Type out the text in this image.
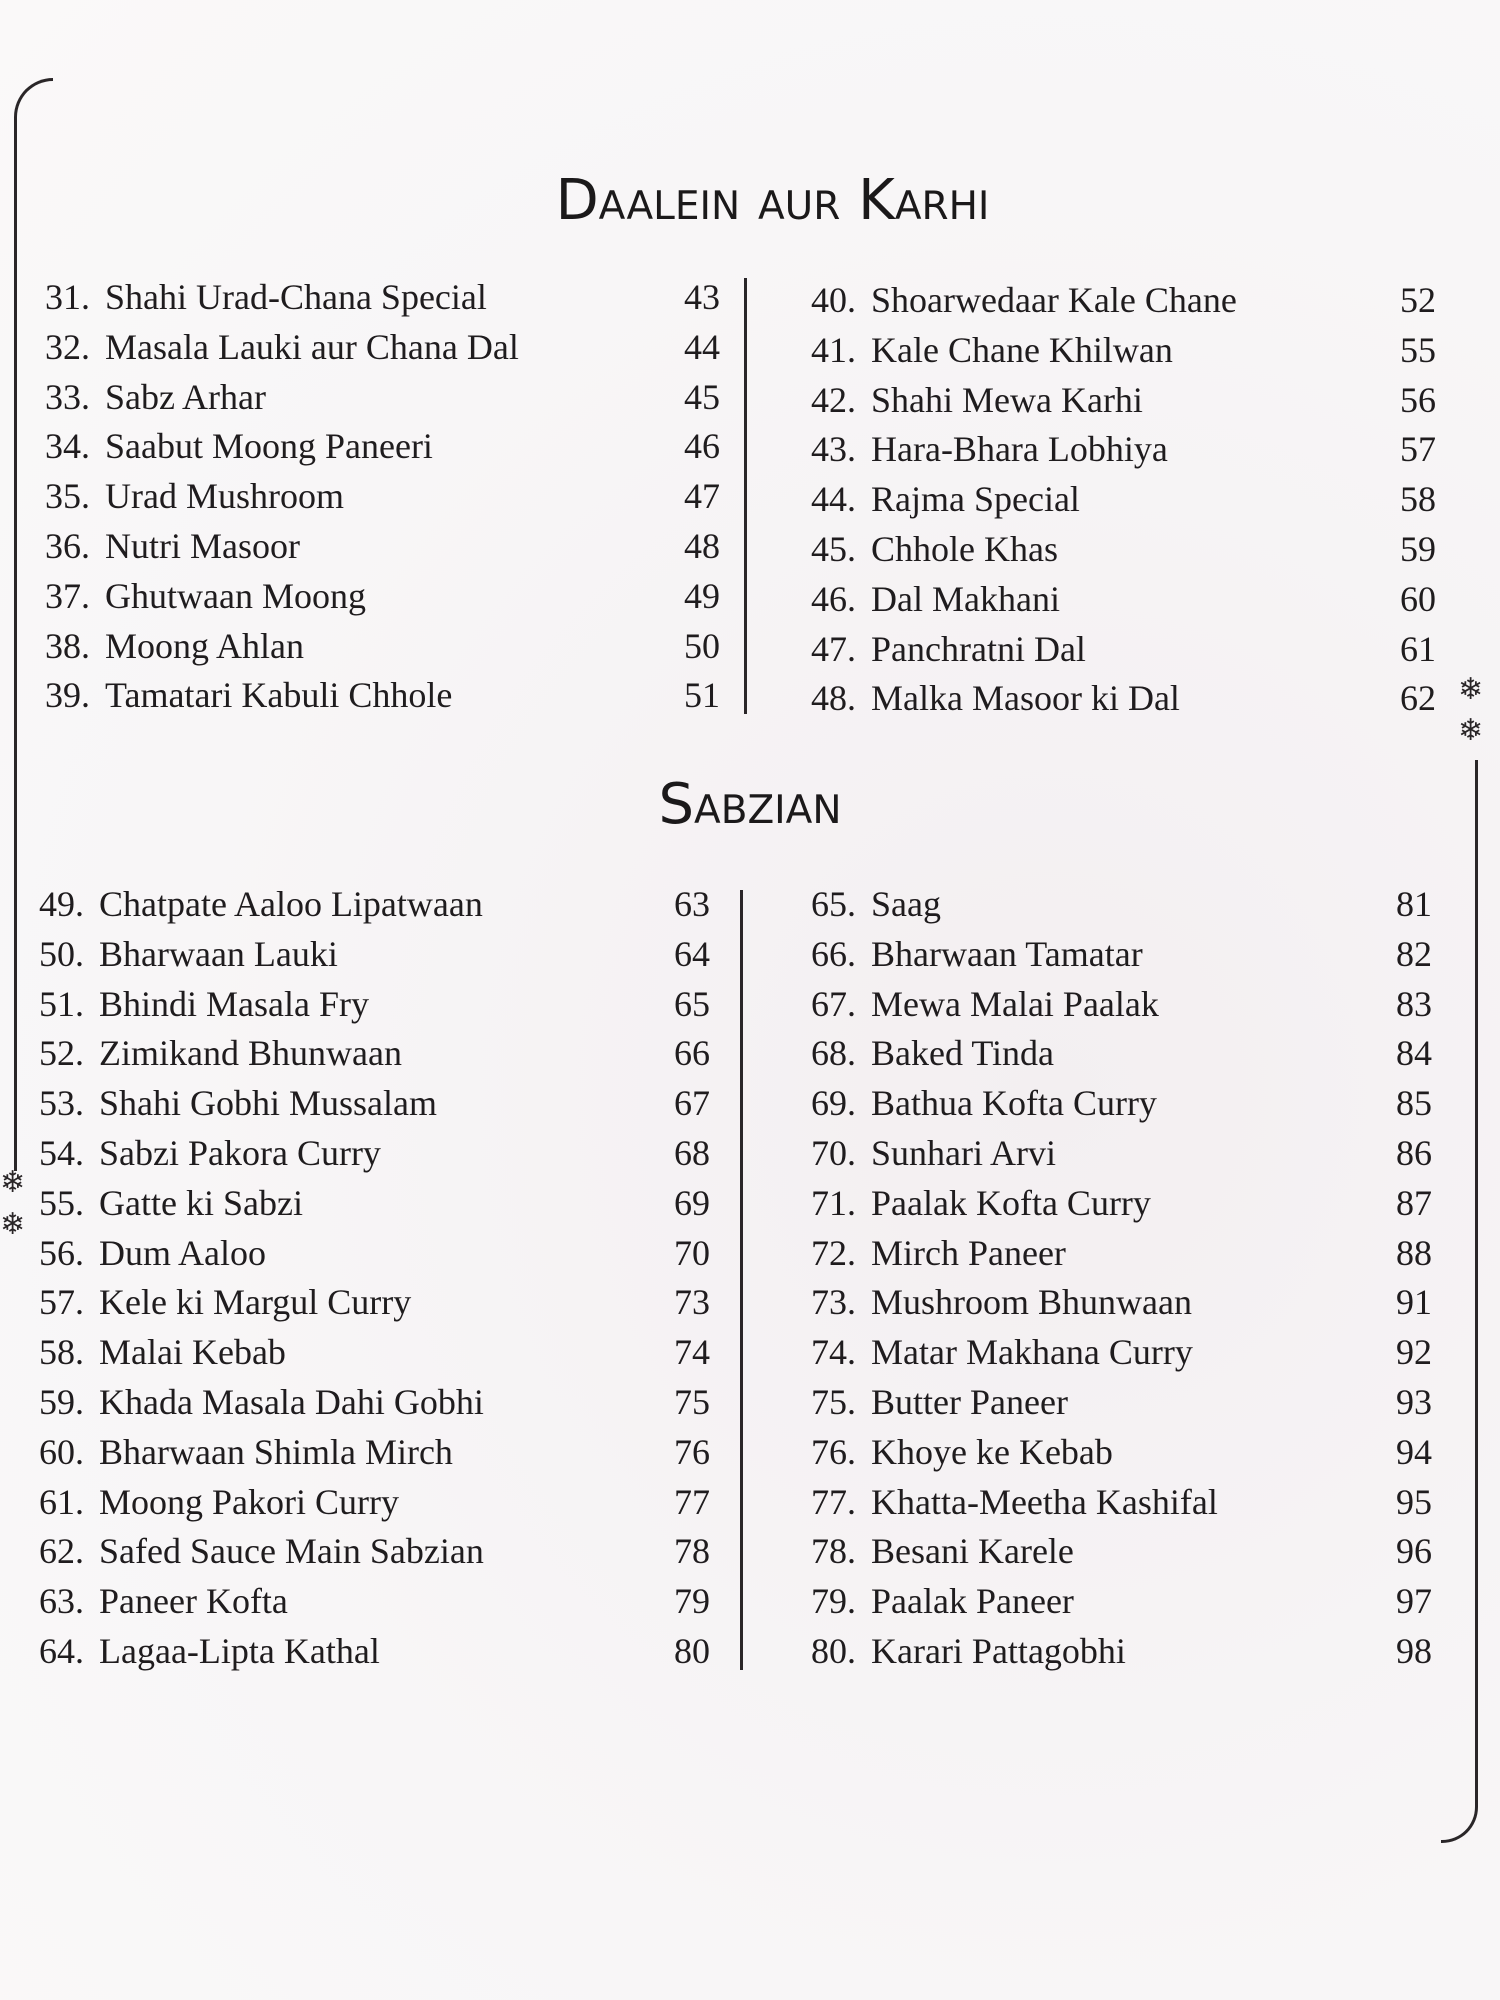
❄
❄
❄
❄
Daalein aur Karhi
31. Shahi Urad-Chana Special	43
32. Masala Lauki aur Chana Dal	44
33. Sabz Arhar	45
34. Saabut Moong Paneeri	46
35. Urad Mushroom	47
36. Nutri Masoor	48
37. Ghutwaan Moong	49
38. Moong Ahlan	50
39. Tamatari Kabuli Chhole	51
40. Shoarwedaar Kale Chane	52
41. Kale Chane Khilwan	55
42. Shahi Mewa Karhi	56
43. Hara-Bhara Lobhiya	57
44. Rajma Special	58
45. Chhole Khas	59
46. Dal Makhani	60
47. Panchratni Dal	61
48. Malka Masoor ki Dal	62
Sabzian
49. Chatpate Aaloo Lipatwaan	63
50. Bharwaan Lauki	64
51. Bhindi Masala Fry	65
52. Zimikand Bhunwaan	66
53. Shahi Gobhi Mussalam	67
54. Sabzi Pakora Curry	68
55. Gatte ki Sabzi	69
56. Dum Aaloo	70
57. Kele ki Margul Curry	73
58. Malai Kebab	74
59. Khada Masala Dahi Gobhi	75
60. Bharwaan Shimla Mirch	76
61. Moong Pakori Curry	77
62. Safed Sauce Main Sabzian	78
63. Paneer Kofta	79
64. Lagaa-Lipta Kathal	80
65. Saag	81
66. Bharwaan Tamatar	82
67. Mewa Malai Paalak	83
68. Baked Tinda	84
69. Bathua Kofta Curry	85
70. Sunhari Arvi	86
71. Paalak Kofta Curry	87
72. Mirch Paneer	88
73. Mushroom Bhunwaan	91
74. Matar Makhana Curry	92
75. Butter Paneer	93
76. Khoye ke Kebab	94
77. Khatta-Meetha Kashifal	95
78. Besani Karele	96
79. Paalak Paneer	97
80. Karari Pattagobhi	98
